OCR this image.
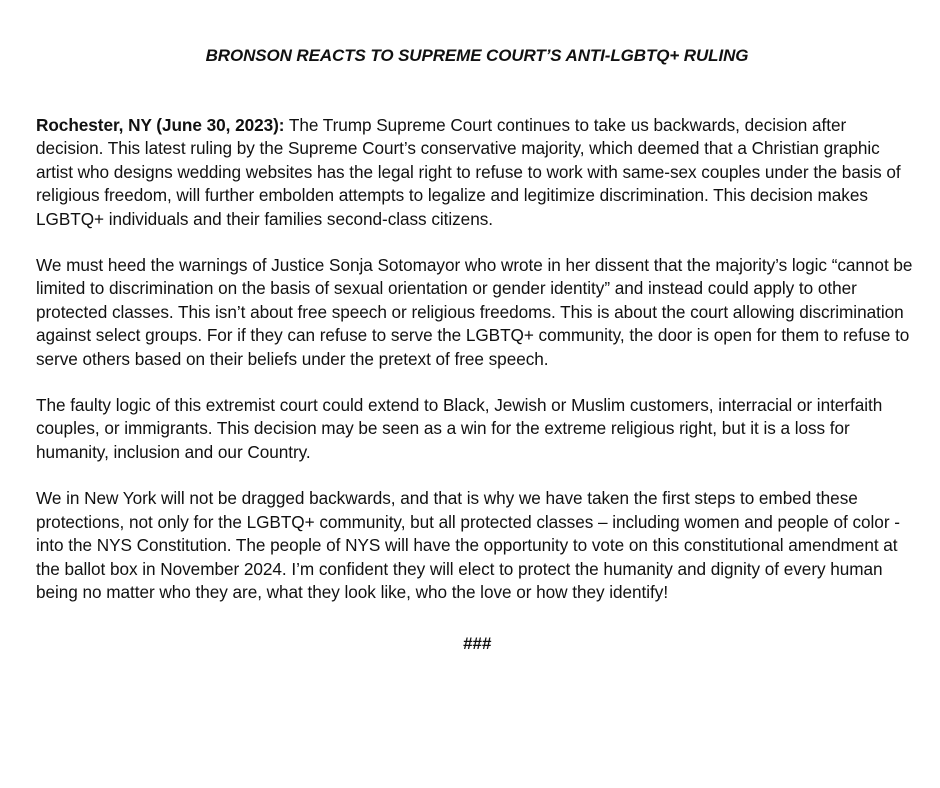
BRONSON REACTS TO SUPREME COURT’S ANTI-LGBTQ+ RULING

Rochester, NY (June 30, 2023): The Trump Supreme Court continues to take us backwards, decision after decision. This latest ruling by the Supreme Court’s conservative majority, which deemed that a Christian graphic artist who designs wedding websites has the legal right to refuse to work with same-sex couples under the basis of religious freedom, will further embolden attempts to legalize and legitimize discrimination. This decision makes LGBTQ+ individuals and their families second-class citizens.

We must heed the warnings of Justice Sonja Sotomayor who wrote in her dissent that the majority’s logic “cannot be limited to discrimination on the basis of sexual orientation or gender identity” and instead could apply to other protected classes. This isn’t about free speech or religious freedoms. This is about the court allowing discrimination against select groups. For if they can refuse to serve the LGBTQ+ community, the door is open for them to refuse to serve others based on their beliefs under the pretext of free speech.

The faulty logic of this extremist court could extend to Black, Jewish or Muslim customers, interracial or interfaith couples, or immigrants. This decision may be seen as a win for the extreme religious right, but it is a loss for humanity, inclusion and our Country.

We in New York will not be dragged backwards, and that is why we have taken the first steps to embed these protections, not only for the LGBTQ+ community, but all protected classes – including women and people of color - into the NYS Constitution. The people of NYS will have the opportunity to vote on this constitutional amendment at the ballot box in November 2024. I’m confident they will elect to protect the humanity and dignity of every human being no matter who they are, what they look like, who the love or how they identify!

###
